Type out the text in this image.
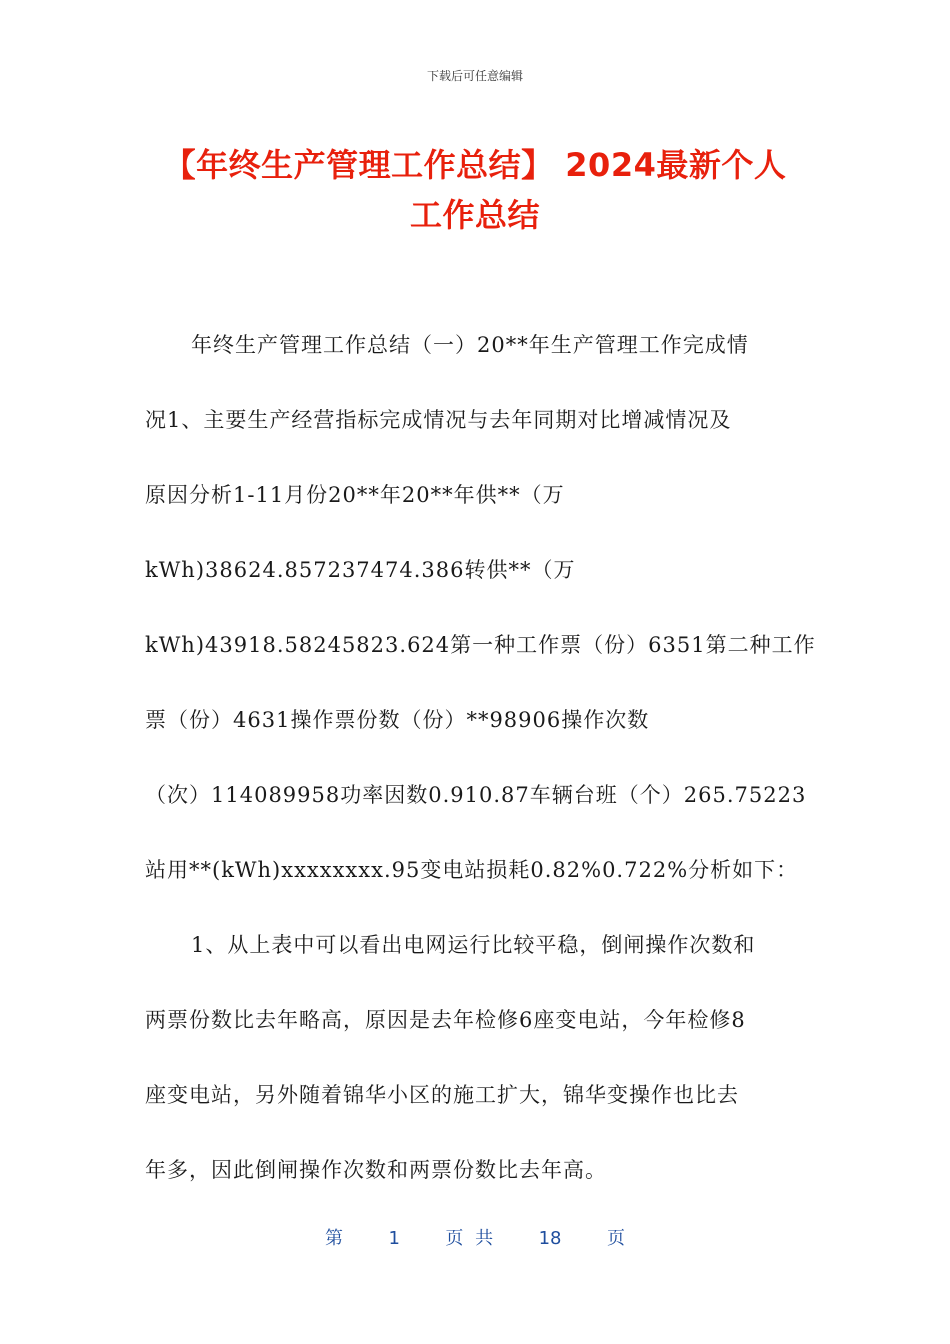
下载后可任意编辑
【年终生产管理工作总结】 2024最新个人
工作总结
年终生产管理工作总结（一）20**年生产管理工作完成情
况1、主要生产经营指标完成情况与去年同期对比增减情况及
原因分析1-11月份20**年20**年供**（万
kWh)38624.857237474.386转供**（万
kWh)43918.58245823.624第一种工作票（份）6351第二种工作
票（份）4631操作票份数（份）**98906操作次数
（次）114089958功率因数0.910.87车辆台班（个）265.75223
站用**(kWh)xxxxxxxx.95变电站损耗0.82%0.722%分析如下：
1、从上表中可以看出电网运行比较平稳，倒闸操作次数和
两票份数比去年略高，原因是去年检修6座变电站，今年检修8
座变电站，另外随着锦华小区的施工扩大，锦华变操作也比去
年多，因此倒闸操作次数和两票份数比去年高。
第	1	页 共	18	页
